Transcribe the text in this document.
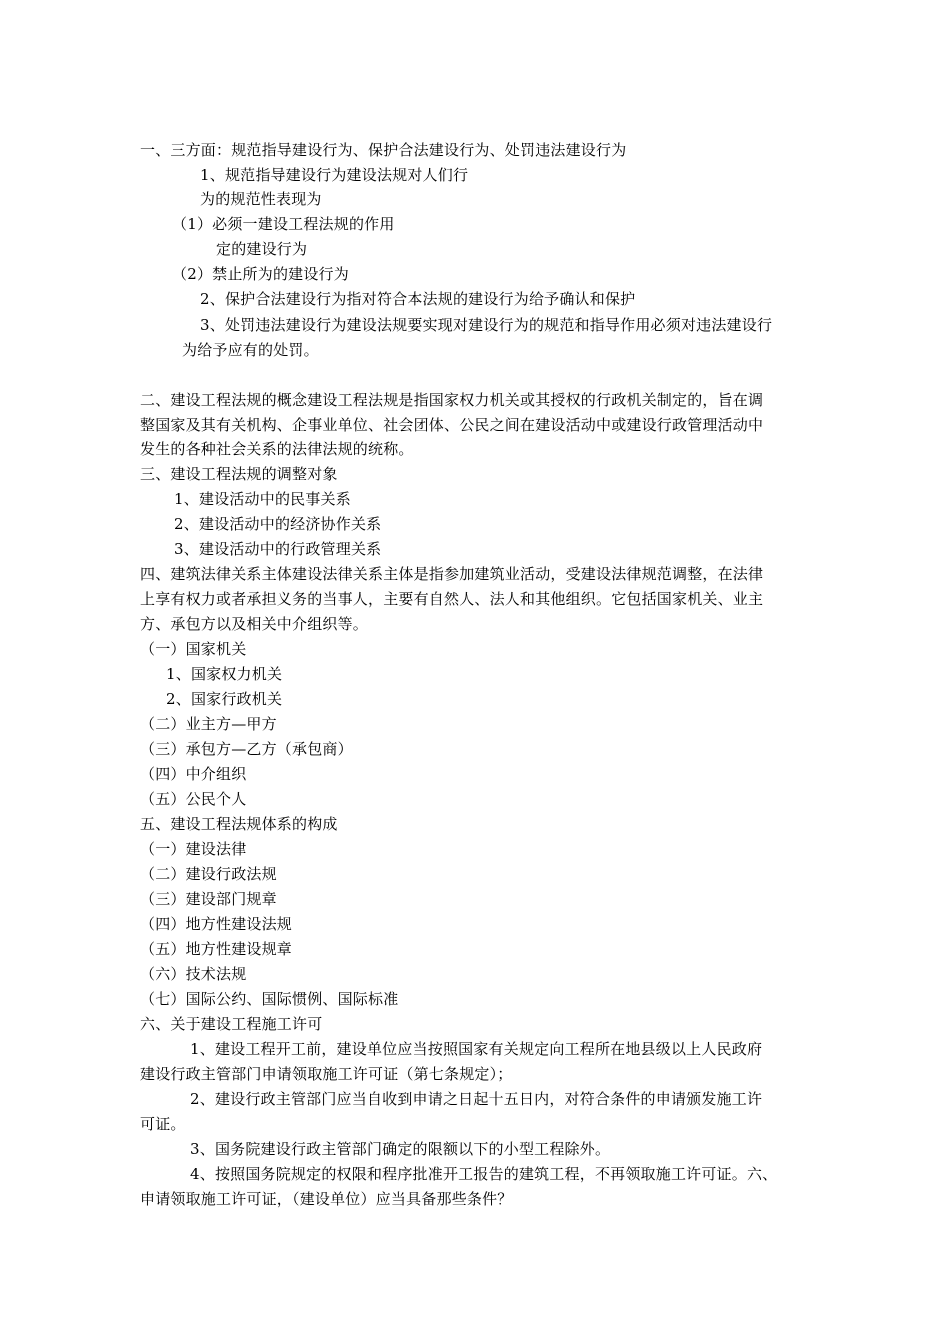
一、三方面：规范指导建设行为、保护合法建设行为、处罚违法建设行为
1、规范指导建设行为建设法规对人们行
为的规范性表现为
（1）必须一建设工程法规的作用
定的建设行为
（2）禁止所为的建设行为
2、保护合法建设行为指对符合本法规的建设行为给予确认和保护
3、处罚违法建设行为建设法规要实现对建设行为的规范和指导作用必须对违法建设行
为给予应有的处罚。
二、建设工程法规的概念建设工程法规是指国家权力机关或其授权的行政机关制定的，旨在调
整国家及其有关机构、企事业单位、社会团体、公民之间在建设活动中或建设行政管理活动中
发生的各种社会关系的法律法规的统称。
三、建设工程法规的调整对象
1、建设活动中的民事关系
2、建设活动中的经济协作关系
3、建设活动中的行政管理关系
四、建筑法律关系主体建设法律关系主体是指参加建筑业活动，受建设法律规范调整，在法律
上享有权力或者承担义务的当事人，主要有自然人、法人和其他组织。它包括国家机关、业主
方、承包方以及相关中介组织等。
（一）国家机关
1、国家权力机关
2、国家行政机关
（二）业主方—甲方
（三）承包方—乙方（承包商）
（四）中介组织
（五）公民个人
五、建设工程法规体系的构成
（一）建设法律
（二）建设行政法规
（三）建设部门规章
（四）地方性建设法规
（五）地方性建设规章
（六）技术法规
（七）国际公约、国际惯例、国际标准
六、关于建设工程施工许可
1、建设工程开工前，建设单位应当按照国家有关规定向工程所在地县级以上人民政府
建设行政主管部门申请领取施工许可证（第七条规定）；
2、建设行政主管部门应当自收到申请之日起十五日内，对符合条件的申请颁发施工许
可证。
3、国务院建设行政主管部门确定的限额以下的小型工程除外。
4、按照国务院规定的权限和程序批准开工报告的建筑工程，不再领取施工许可证。六、
申请领取施工许可证，（建设单位）应当具备那些条件？
